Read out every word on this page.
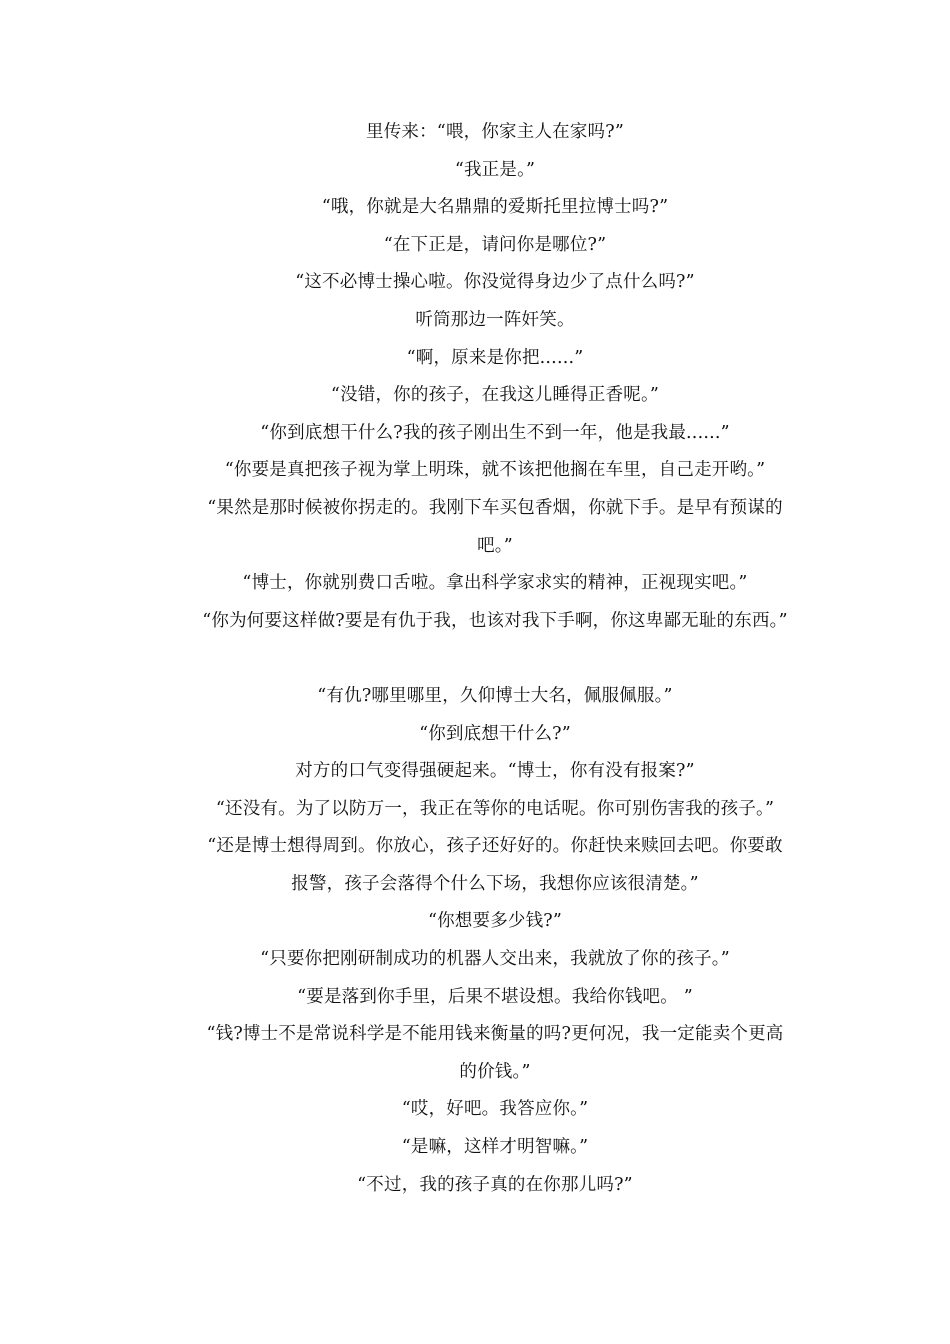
里传来：“喂，你家主人在家吗?”
“我正是。”
“哦，你就是大名鼎鼎的爱斯托里拉博士吗?”
“在下正是，请问你是哪位?”
“这不必博士操心啦。你没觉得身边少了点什么吗?”
听筒那边一阵奸笑。
“啊，原来是你把......”
“没错，你的孩子，在我这儿睡得正香呢。”
“你到底想干什么?我的孩子刚出生不到一年，他是我最......”
“你要是真把孩子视为掌上明珠，就不该把他搁在车里，自己走开哟。”
“果然是那时候被你拐走的。我刚下车买包香烟，你就下手。是早有预谋的
吧。”
“博士，你就别费口舌啦。拿出科学家求实的精神，正视现实吧。”
“你为何要这样做?要是有仇于我，也该对我下手啊，你这卑鄙无耻的东西。”
“有仇?哪里哪里，久仰博士大名，佩服佩服。”
“你到底想干什么?”
对方的口气变得强硬起来。“博士，你有没有报案?”
“还没有。为了以防万一，我正在等你的电话呢。你可别伤害我的孩子。”
“还是博士想得周到。你放心，孩子还好好的。你赶快来赎回去吧。你要敢
报警，孩子会落得个什么下场，我想你应该很清楚。”
“你想要多少钱?”
“只要你把刚研制成功的机器人交出来，我就放了你的孩子。”
“要是落到你手里，后果不堪设想。我给你钱吧。 ”
“钱?博士不是常说科学是不能用钱来衡量的吗?更何况，我一定能卖个更高
的价钱。”
“哎，好吧。我答应你。”
“是嘛，这样才明智嘛。”
“不过，我的孩子真的在你那儿吗?”
